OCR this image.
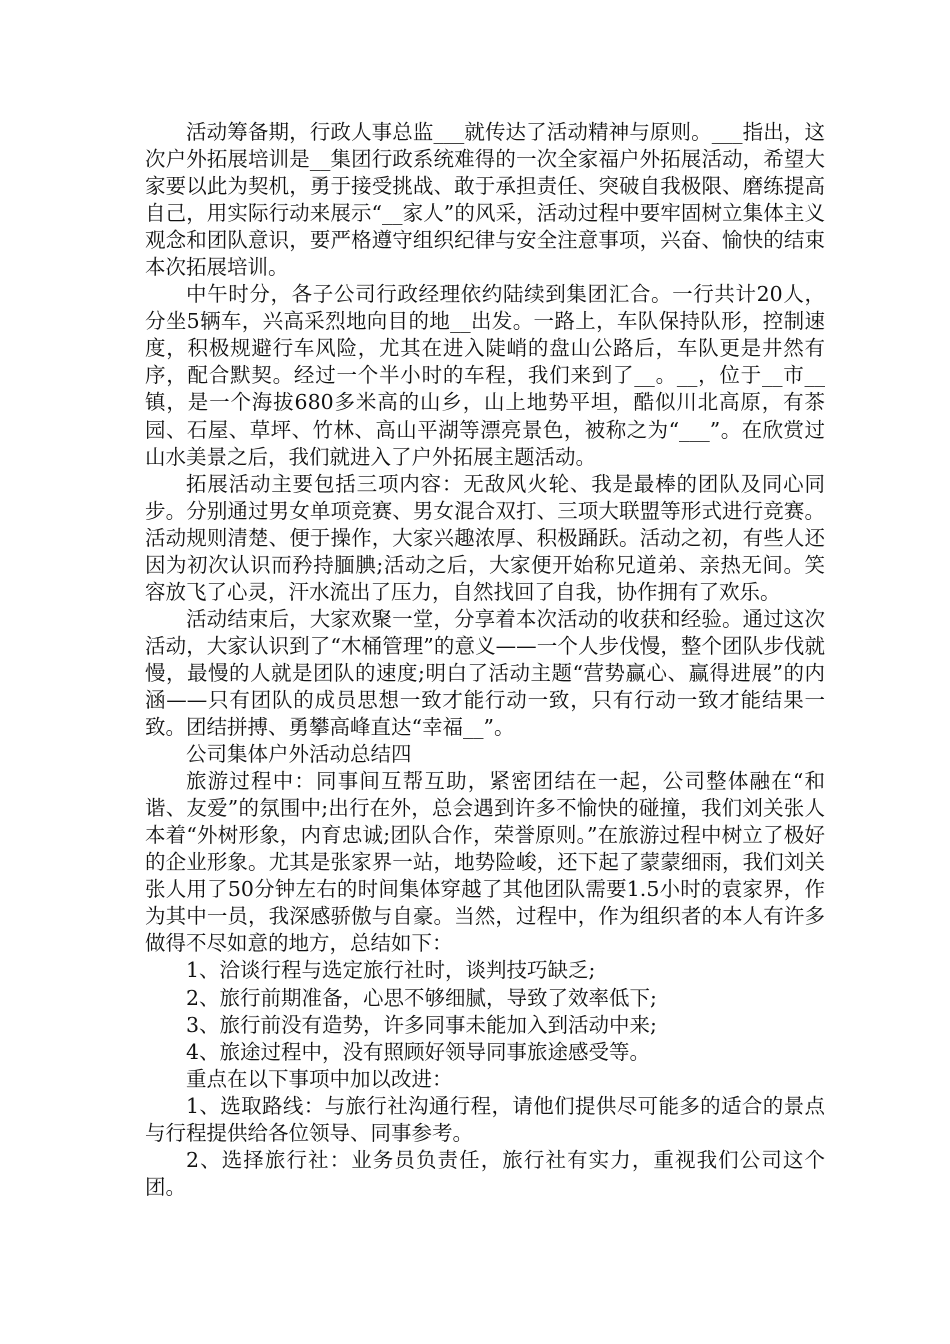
活动筹备期，行政人事总监___就传达了活动精神与原则。___指出，这次户外拓展培训是__集团行政系统难得的一次全家福户外拓展活动，希望大家要以此为契机，勇于接受挑战、敢于承担责任、突破自我极限、磨练提高自己，用实际行动来展示“__家人”的风采，活动过程中要牢固树立集体主义观念和团队意识，要严格遵守组织纪律与安全注意事项，兴奋、愉快的结束本次拓展培训。

中午时分，各子公司行政经理依约陆续到集团汇合。一行共计20人，分坐5辆车，兴高采烈地向目的地__出发。一路上，车队保持队形，控制速度，积极规避行车风险，尤其在进入陡峭的盘山公路后，车队更是井然有序，配合默契。经过一个半小时的车程，我们来到了__。__，位于__市__镇，是一个海拔680多米高的山乡，山上地势平坦，酷似川北高原，有茶园、石屋、草坪、竹林、高山平湖等漂亮景色，被称之为“___”。在欣赏过山水美景之后，我们就进入了户外拓展主题活动。

拓展活动主要包括三项内容：无敌风火轮、我是最棒的团队及同心同步。分别通过男女单项竞赛、男女混合双打、三项大联盟等形式进行竞赛。活动规则清楚、便于操作，大家兴趣浓厚、积极踊跃。活动之初，有些人还因为初次认识而矜持腼腆;活动之后，大家便开始称兄道弟、亲热无间。笑容放飞了心灵，汗水流出了压力，自然找回了自我，协作拥有了欢乐。

活动结束后，大家欢聚一堂，分享着本次活动的收获和经验。通过这次活动，大家认识到了“木桶管理”的意义——一个人步伐慢，整个团队步伐就慢，最慢的人就是团队的速度;明白了活动主题“营势赢心、赢得进展”的内涵——只有团队的成员思想一致才能行动一致，只有行动一致才能结果一致。团结拼搏、勇攀高峰直达“幸福__”。

公司集体户外活动总结四

旅游过程中：同事间互帮互助，紧密团结在一起，公司整体融在“和谐、友爱”的氛围中;出行在外，总会遇到许多不愉快的碰撞，我们刘关张人本着“外树形象，内育忠诚;团队合作，荣誉原则。”在旅游过程中树立了极好的企业形象。尤其是张家界一站，地势险峻，还下起了蒙蒙细雨，我们刘关张人用了50分钟左右的时间集体穿越了其他团队需要1.5小时的袁家界，作为其中一员，我深感骄傲与自豪。当然，过程中，作为组织者的本人有许多做得不尽如意的地方，总结如下：

1、洽谈行程与选定旅行社时，谈判技巧缺乏;

2、旅行前期准备，心思不够细腻，导致了效率低下;

3、旅行前没有造势，许多同事未能加入到活动中来;

4、旅途过程中，没有照顾好领导同事旅途感受等。

重点在以下事项中加以改进：

1、选取路线：与旅行社沟通行程，请他们提供尽可能多的适合的景点与行程提供给各位领导、同事参考。

2、选择旅行社：业务员负责任，旅行社有实力，重视我们公司这个团。
